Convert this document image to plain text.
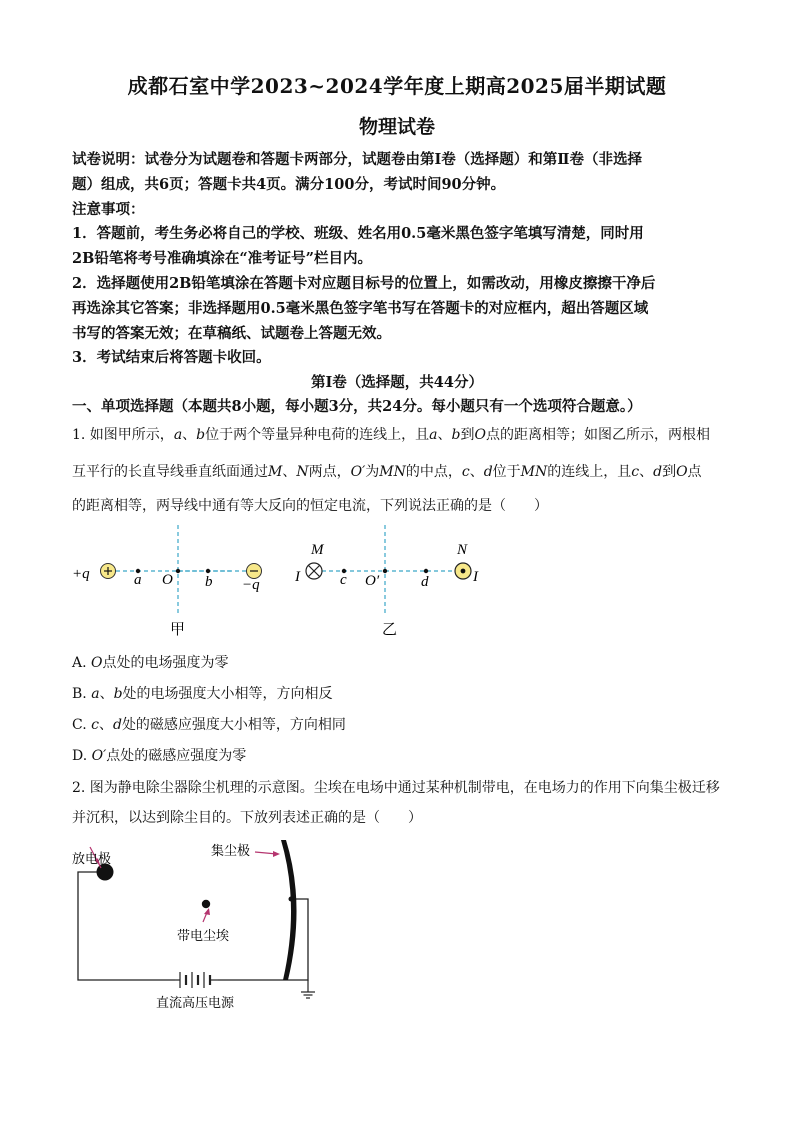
成都石室中学2023~2024学年度上期高2025届半期试题
物理试卷
试卷说明：试卷分为试题卷和答题卡两部分，试题卷由第Ⅰ卷（选择题）和第Ⅱ卷（非选择
题）组成，共6页；答题卡共4页。满分100分，考试时间90分钟。
注意事项：
1．答题前，考生务必将自己的学校、班级、姓名用0.5毫米黑色签字笔填写清楚，同时用
2B铅笔将考号准确填涂在“准考证号”栏目内。
2．选择题使用2B铅笔填涂在答题卡对应题目标号的位置上，如需改动，用橡皮擦擦干净后
再选涂其它答案；非选择题用0.5毫米黑色签字笔书写在答题卡的对应框内，超出答题区域
书写的答案无效；在草稿纸、试题卷上答题无效。
3．考试结束后将答题卡收回。
第Ⅰ卷（选择题，共44分）
一、单项选择题（本题共8小题，每小题3分，共24分。每小题只有一个选项符合题意。）
1. 如图甲所示，a、b位于两个等量异种电荷的连线上，且a、b到O点的距离相等；如图乙所示，两根相
互平行的长直导线垂直纸面通过M、N两点，O′为MN的中点，c、d位于MN的连线上，且c、d到O点
的距离相等，两导线中通有等大反向的恒定电流，下列说法正确的是（　　）
+q	a O b −q
甲
M	N
I	I
c O′	d
乙
A. O点处的电场强度为零
B. a、b处的电场强度大小相等，方向相反
C. c、d处的磁感应强度大小相等，方向相同
D. O′点处的磁感应强度为零
2. 图为静电除尘器除尘机理的示意图。尘埃在电场中通过某种机制带电，在电场力的作用下向集尘极迁移
并沉积，以达到除尘目的。下放列表述正确的是（　　）
放电极
集尘极
带电尘埃
直流高压电源
